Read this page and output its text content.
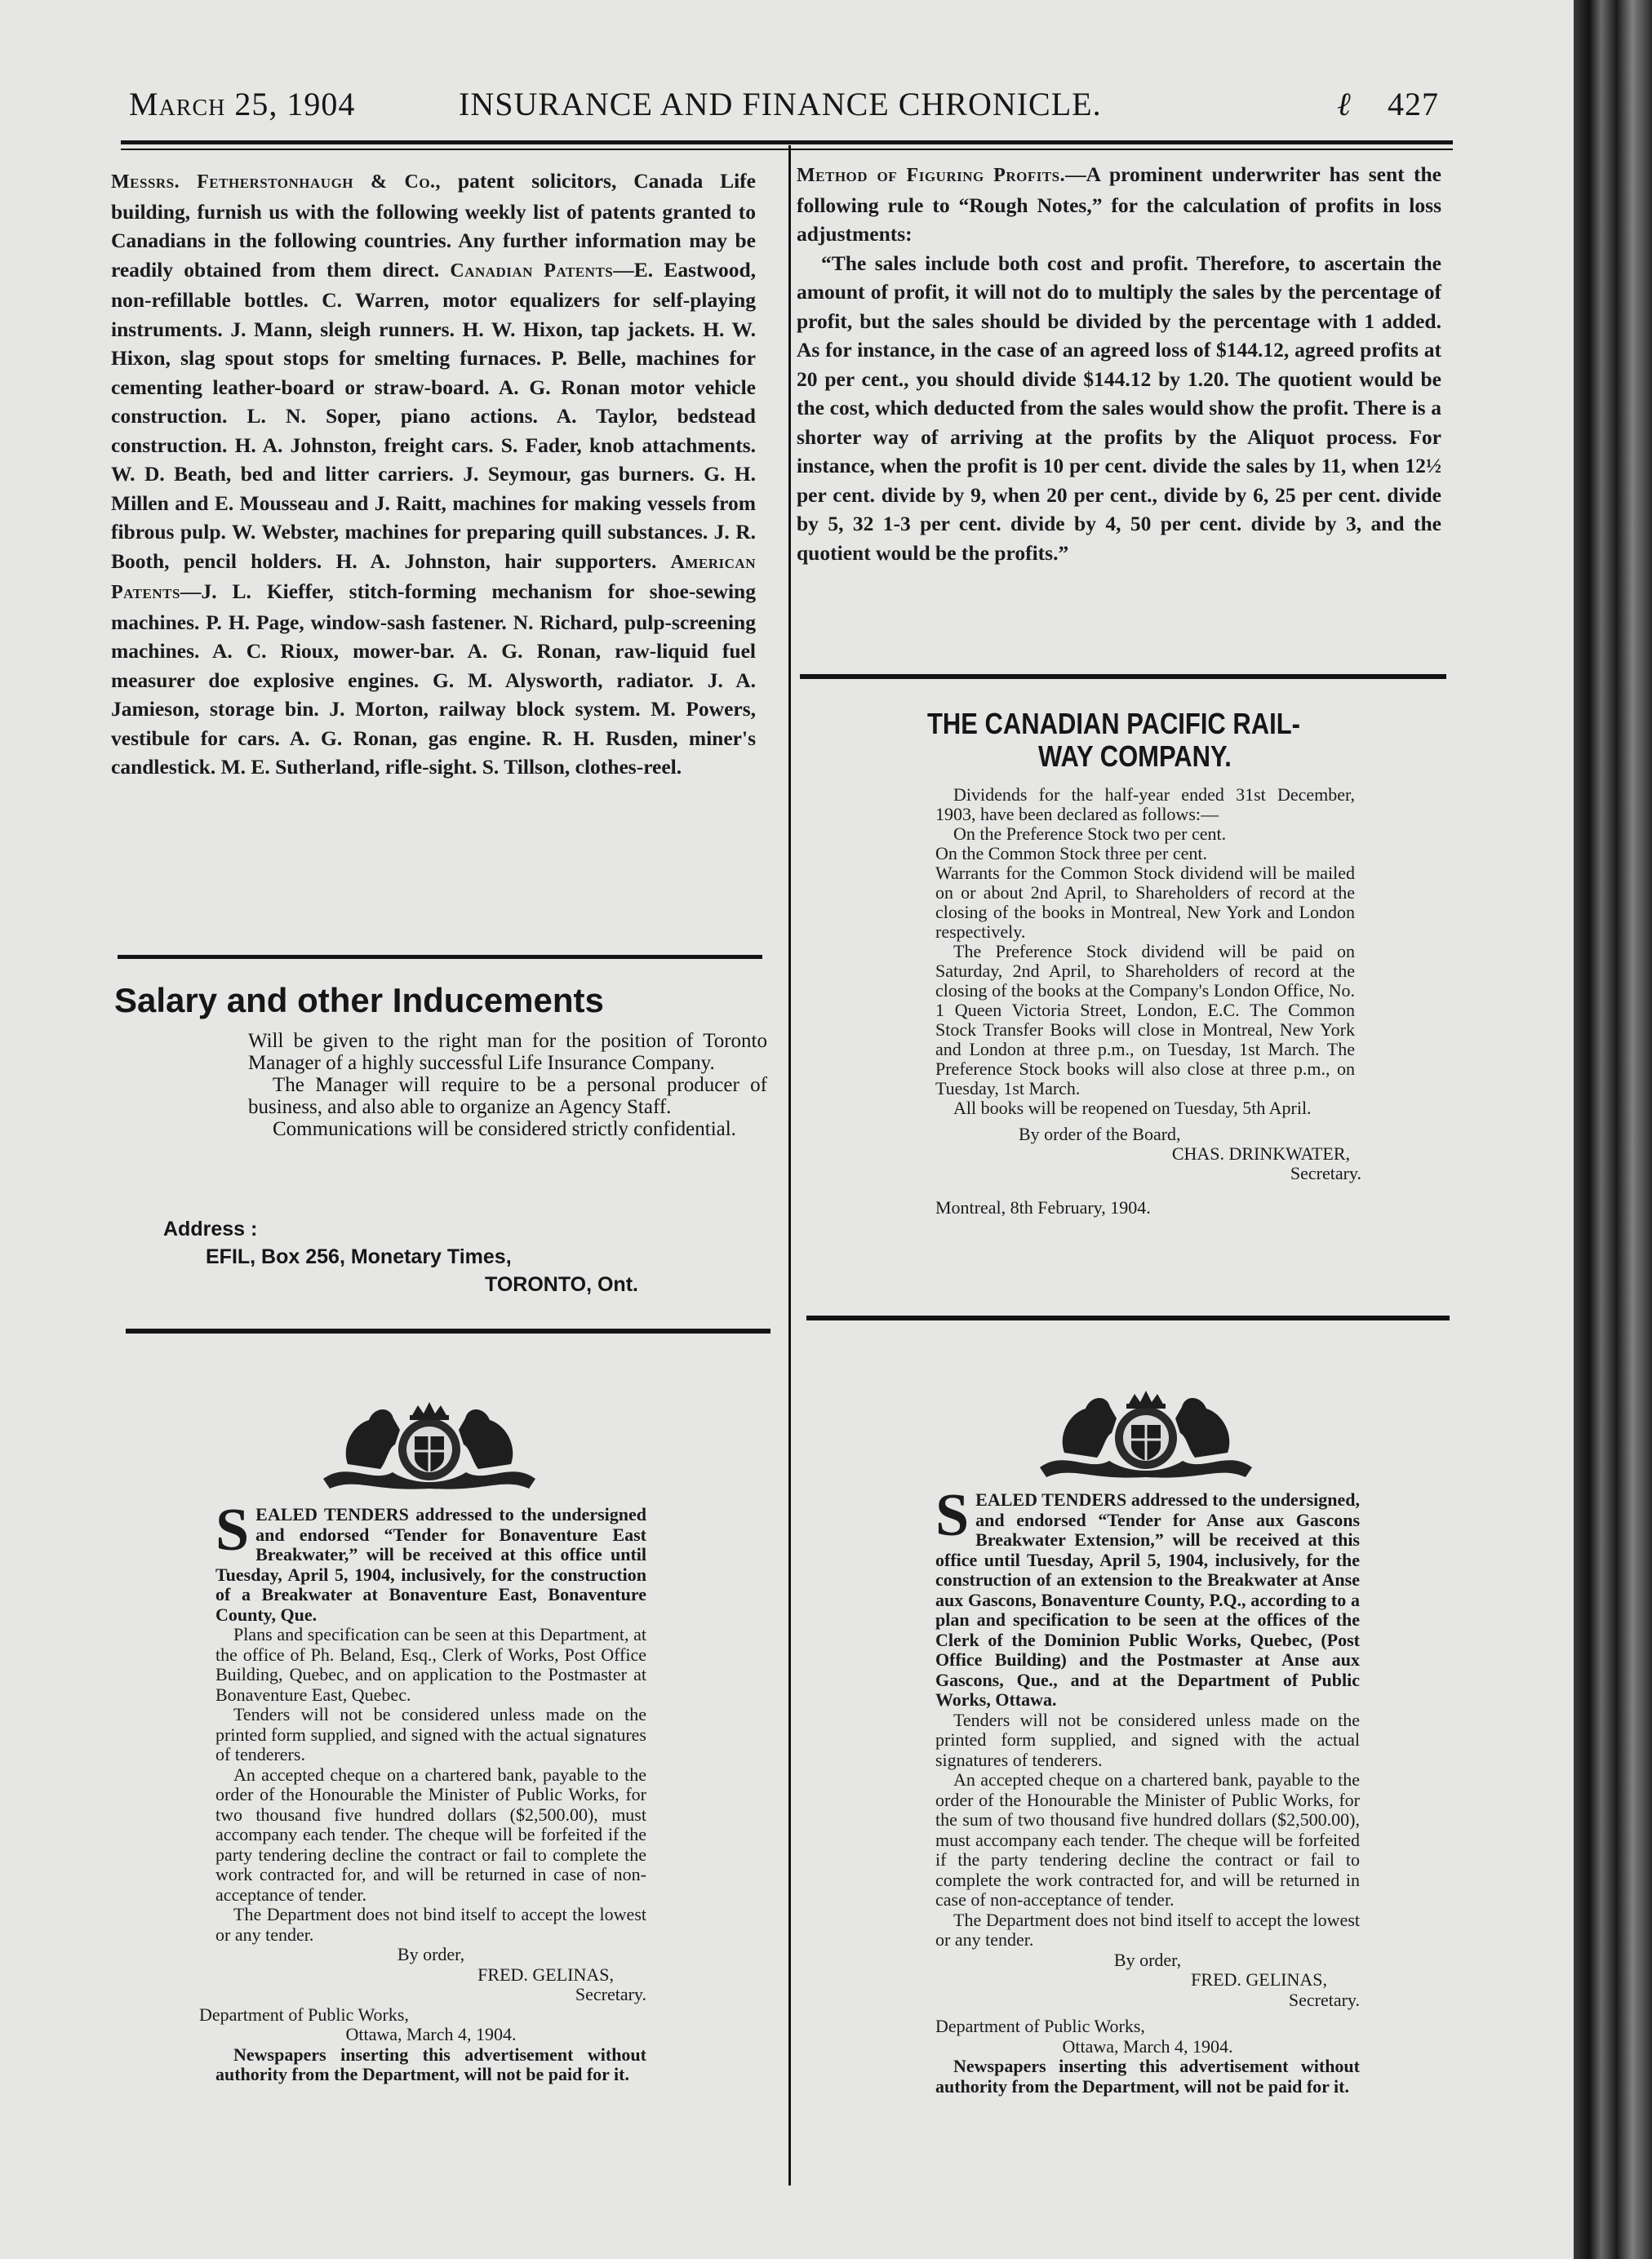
March 25, 1904	INSURANCE AND FINANCE CHRONICLE.	ℓ 427

Messrs. Fetherstonhaugh & Co., patent solicitors, Canada Life building, furnish us with the following weekly list of patents granted to Canadians in the following countries. Any further information may be readily obtained from them direct. Canadian Patents—E. Eastwood, non-refillable bottles. C. Warren, motor equalizers for self-playing instruments. J. Mann, sleigh runners. H. W. Hixon, tap jackets. H. W. Hixon, slag spout stops for smelting furnaces. P. Belle, machines for cementing leather-board or straw-board. A. G. Ronan motor vehicle construction. L. N. Soper, piano actions. A. Taylor, bedstead construction. H. A. Johnston, freight cars. S. Fader, knob attachments. W. D. Beath, bed and litter carriers. J. Seymour, gas burners. G. H. Millen and E. Mousseau and J. Raitt, machines for making vessels from fibrous pulp. W. Webster, machines for preparing quill substances. J. R. Booth, pencil holders. H. A. Johnston, hair supporters. American Patents—J. L. Kieffer, stitch-forming mechanism for shoe-sewing machines. P. H. Page, window-sash fastener. N. Richard, pulp-screening machines. A. C. Rioux, mower-bar. A. G. Ronan, raw-liquid fuel measurer doe explosive engines. G. M. Alysworth, radiator. J. A. Jamieson, storage bin. J. Morton, railway block system. M. Powers, vestibule for cars. A. G. Ronan, gas engine. R. H. Rusden, miner's candlestick. M. E. Sutherland, rifle-sight. S. Tillson, clothes-reel.

Salary and other Inducements

Will be given to the right man for the position of Toronto Manager of a highly successful Life Insurance Company.

The Manager will require to be a personal producer of business, and also able to organize an Agency Staff.

Communications will be considered strictly confidential.

Address :
EFIL, Box 256, Monetary Times,
TORONTO, Ont.

SEALED TENDERS addressed to the undersigned and endorsed “Tender for Bonaventure East Breakwater,” will be received at this office until Tuesday, April 5, 1904, inclusively, for the construction of a Breakwater at Bonaventure East, Bonaventure County, Que.

Plans and specification can be seen at this Department, at the office of Ph. Beland, Esq., Clerk of Works, Post Office Building, Quebec, and on application to the Postmaster at Bonaventure East, Quebec.

Tenders will not be considered unless made on the printed form supplied, and signed with the actual signatures of tenderers.

An accepted cheque on a chartered bank, payable to the order of the Honourable the Minister of Public Works, for two thousand five hundred dollars ($2,500.00), must accompany each tender. The cheque will be forfeited if the party tendering decline the contract or fail to complete the work contracted for, and will be returned in case of non-acceptance of tender.

The Department does not bind itself to accept the lowest or any tender.

By order,

FRED. GELINAS,

Secretary.

Department of Public Works,

Ottawa, March 4, 1904.

Newspapers inserting this advertisement without authority from the Department, will not be paid for it.

Method of Figuring Profits.—A prominent underwriter has sent the following rule to “Rough Notes,” for the calculation of profits in loss adjustments:

“The sales include both cost and profit. Therefore, to ascertain the amount of profit, it will not do to multiply the sales by the percentage of profit, but the sales should be divided by the percentage with 1 added. As for instance, in the case of an agreed loss of $144.12, agreed profits at 20 per cent., you should divide $144.12 by 1.20. The quotient would be the cost, which deducted from the sales would show the profit. There is a shorter way of arriving at the profits by the Aliquot process. For instance, when the profit is 10 per cent. divide the sales by 11, when 12½ per cent. divide by 9, when 20 per cent., divide by 6, 25 per cent. divide by 5, 32 1-3 per cent. divide by 4, 50 per cent. divide by 3, and the quotient would be the profits.”

THE CANADIAN PACIFIC RAIL-
WAY COMPANY.

Dividends for the half-year ended 31st December, 1903, have been declared as follows:—

On the Preference Stock two per cent.

On the Common Stock three per cent.

Warrants for the Common Stock dividend will be mailed on or about 2nd April, to Shareholders of record at the closing of the books in Montreal, New York and London respectively.

The Preference Stock dividend will be paid on Saturday, 2nd April, to Shareholders of record at the closing of the books at the Company's London Office, No. 1 Queen Victoria Street, London, E.C. The Common Stock Transfer Books will close in Montreal, New York and London at three p.m., on Tuesday, 1st March. The Preference Stock books will also close at three p.m., on Tuesday, 1st March.

All books will be reopened on Tuesday, 5th April.

By order of the Board,

CHAS. DRINKWATER,

Secretary.

Montreal, 8th February, 1904.

SEALED TENDERS addressed to the undersigned, and endorsed “Tender for Anse aux Gascons Breakwater Extension,” will be received at this office until Tuesday, April 5, 1904, inclusively, for the construction of an extension to the Breakwater at Anse aux Gascons, Bonaventure County, P.Q., according to a plan and specification to be seen at the offices of the Clerk of the Dominion Public Works, Quebec, (Post Office Building) and the Postmaster at Anse aux Gascons, Que., and at the Department of Public Works, Ottawa.

Tenders will not be considered unless made on the printed form supplied, and signed with the actual signatures of tenderers.

An accepted cheque on a chartered bank, payable to the order of the Honourable the Minister of Public Works, for the sum of two thousand five hundred dollars ($2,500.00), must accompany each tender. The cheque will be forfeited if the party tendering decline the contract or fail to complete the work contracted for, and will be returned in case of non-acceptance of tender.

The Department does not bind itself to accept the lowest or any tender.

By order,

FRED. GELINAS,

Secretary.

Department of Public Works,

Ottawa, March 4, 1904.

Newspapers inserting this advertisement without authority from the Department, will not be paid for it.
